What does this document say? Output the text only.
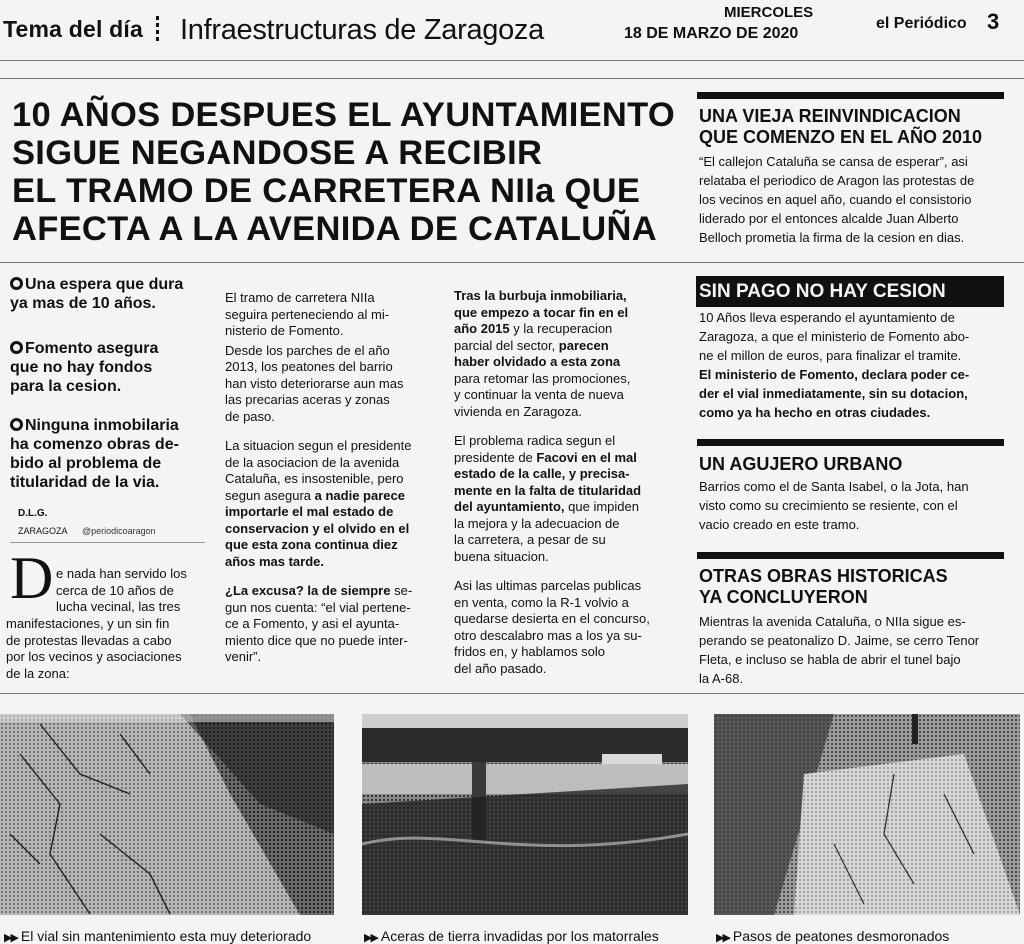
Tema del día Infraestructuras de Zaragoza
MIERCOLES
18 DE MARZO DE 2020
el Periódico 3
10 AÑOS DESPUES EL AYUNTAMIENTO
SIGUE NEGANDOSE A RECIBIR
EL TRAMO DE CARRETERA NIIa QUE
AFECTA A LA AVENIDA DE CATALUÑA
UNA VIEJA REINVINDICACION
QUE COMENZO EN EL AÑO 2010
“El callejon Cataluña se cansa de esperar”, asi
relataba el periodico de Aragon las protestas de
los vecinos en aquel año, cuando el consistorio
liderado por el entonces alcalde Juan Alberto
Belloch prometia la firma de la cesion en dias.
SIN PAGO NO HAY CESION
10 Años lleva esperando el ayuntamiento de
Zaragoza, a que el ministerio de Fomento abo-
ne el millon de euros, para finalizar el tramite.
El ministerio de Fomento, declara poder ce-
der el vial inmediatamente, sin su dotacion,
como ya ha hecho en otras ciudades.
UN AGUJERO URBANO
Barrios como el de Santa Isabel, o la Jota, han
visto como su crecimiento se resiente, con el
vacio creado en este tramo.
OTRAS OBRAS HISTORICAS
YA CONCLUYERON
Mientras la avenida Cataluña, o NIIa sigue es-
perando se peatonalizo D. Jaime, se cerro Tenor
Fleta, e incluso se habla de abrir el tunel bajo
la A-68.
Una espera que dura
ya mas de 10 años.
Fomento asegura
que no hay fondos
para la cesion.
Ninguna inmobilaria
ha comenzo obras de-
bido al problema de
titularidad de la via.
D.L.G.
ZARAGOZA @periodicoaragon
D e nada han servido los
cerca de 10 años de
lucha vecinal, las tres
manifestaciones, y un sin fin
de protestas llevadas a cabo
por los vecinos y asociaciones
de la zona:

El tramo de carretera NIIa
seguira perteneciendo al mi-
nisterio de Fomento.

Desde los parches de el año
2013, los peatones del barrio
han visto deteriorarse aun mas
las precarias aceras y zonas
de paso.

La situacion segun el presidente
de la asociacion de la avenida
Cataluña, es insostenible, pero
segun asegura a nadie parece
importarle el mal estado de
conservacion y el olvido en el
que esta zona continua diez
años mas tarde.

¿La excusa? la de siempre se-
gun nos cuenta: “el vial pertene-
ce a Fomento, y asi el ayunta-
miento dice que no puede inter-
venir”.

Tras la burbuja inmobiliaria,
que empezo a tocar fin en el
año 2015 y la recuperacion
parcial del sector, parecen
haber olvidado a esta zona
para retomar las promociones,
y continuar la venta de nueva
vivienda en Zaragoza.

El problema radica segun el
presidente de Facovi en el mal
estado de la calle, y precisa-
mente en la falta de titularidad
del ayuntamiento, que impiden
la mejora y la adecuacion de
la carretera, a pesar de su
buena situacion.

Asi las ultimas parcelas publicas
en venta, como la R-1 volvio a
quedarse desierta en el concurso,
otro descalabro mas a los ya su-
fridos en, y hablamos solo
del año pasado.

▶▶ El vial sin mantenimiento esta muy deteriorado	▶▶ Aceras de tierra invadidas por los matorrales	▶▶ Pasos de peatones desmoronados
